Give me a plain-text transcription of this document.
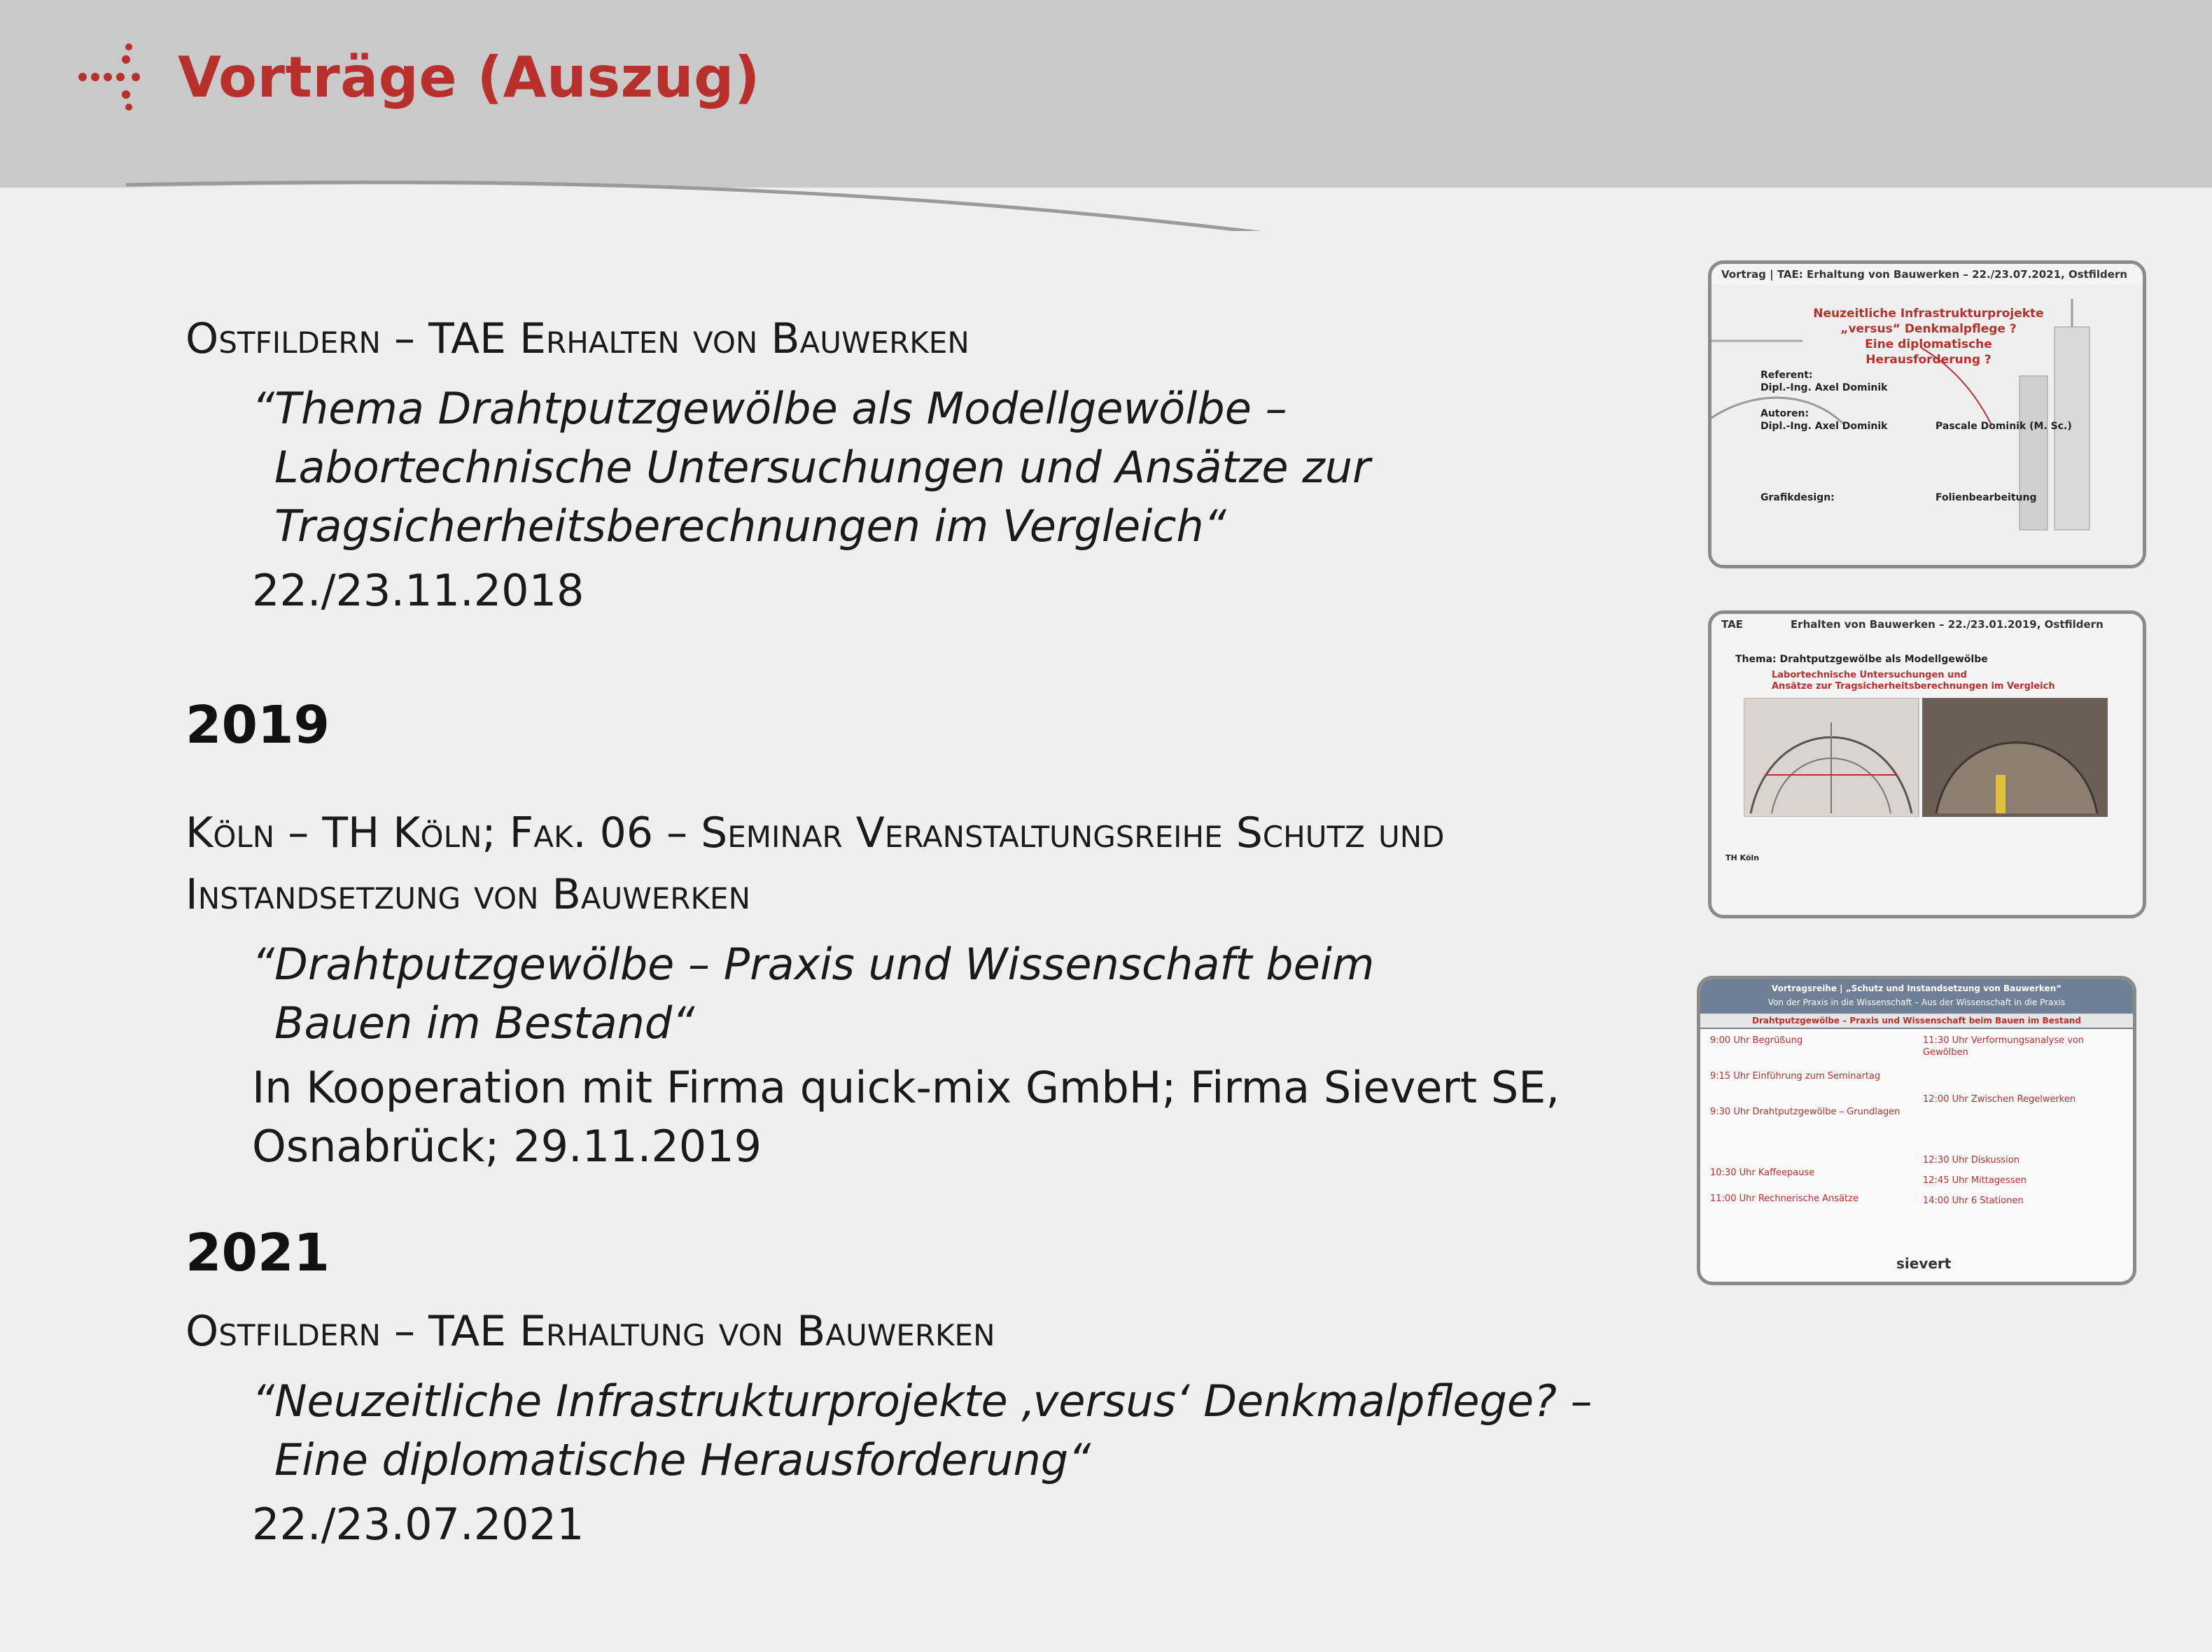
Vorträge (Auszug)

Ostfildern – TAE Erhalten von Bauwerken

“Thema Drahtputzgewölbe als Modellgewölbe –
Labortechnische Untersuchungen und Ansätze zur
Tragsicherheitsberechnungen im Vergleich“
22./23.11.2018

2019

Köln – TH Köln; Fak. 06 – Seminar Veranstaltungsreihe Schutz und

Instandsetzung von Bauwerken

“Drahtputzgewölbe – Praxis und Wissenschaft beim
Bauen im Bestand“
In Kooperation mit Firma quick-mix GmbH; Firma Sievert SE,
Osnabrück; 29.11.2019

2021

Ostfildern – TAE Erhaltung von Bauwerken

“Neuzeitliche Infrastrukturprojekte ‚versus‘ Denkmalpflege? –
Eine diplomatische Herausforderung“
22./23.07.2021
Vortrag | TAE: Erhaltung von Bauwerken – 22./23.07.2021, Ostfildern
Neuzeitliche Infrastrukturprojekte
„versus“ Denkmalpflege ?
Eine diplomatische Herausforderung ?
Referent:
Dipl.-Ing. Axel Dominik
Autoren:
Dipl.-Ing. Axel Dominik	Pascale Dominik (M. Sc.)
Grafikdesign:	Folienbearbeitung
TAE	Erhalten von Bauwerken – 22./23.01.2019, Ostfildern
Thema: Drahtputzgewölbe als Modellgewölbe
Labortechnische Untersuchungen und
Ansätze zur Tragsicherheitsberechnungen im Vergleich
TH Köln
Vortragsreihe | „Schutz und Instandsetzung von Bauwerken“
Von der Praxis in die Wissenschaft – Aus der Wissenschaft in die Praxis
Drahtputzgewölbe – Praxis und Wissenschaft beim Bauen im Bestand
9:00 Uhr Begrüßung
9:15 Uhr Einführung zum Seminartag
9:30 Uhr Drahtputzgewölbe – Grundlagen
10:30 Uhr Kaffeepause
11:00 Uhr Rechnerische Ansätze
11:30 Uhr Verformungsanalyse von Gewölben
12:00 Uhr Zwischen Regelwerken
12:30 Uhr Diskussion
12:45 Uhr Mittagessen
14:00 Uhr 6 Stationen
sievert
